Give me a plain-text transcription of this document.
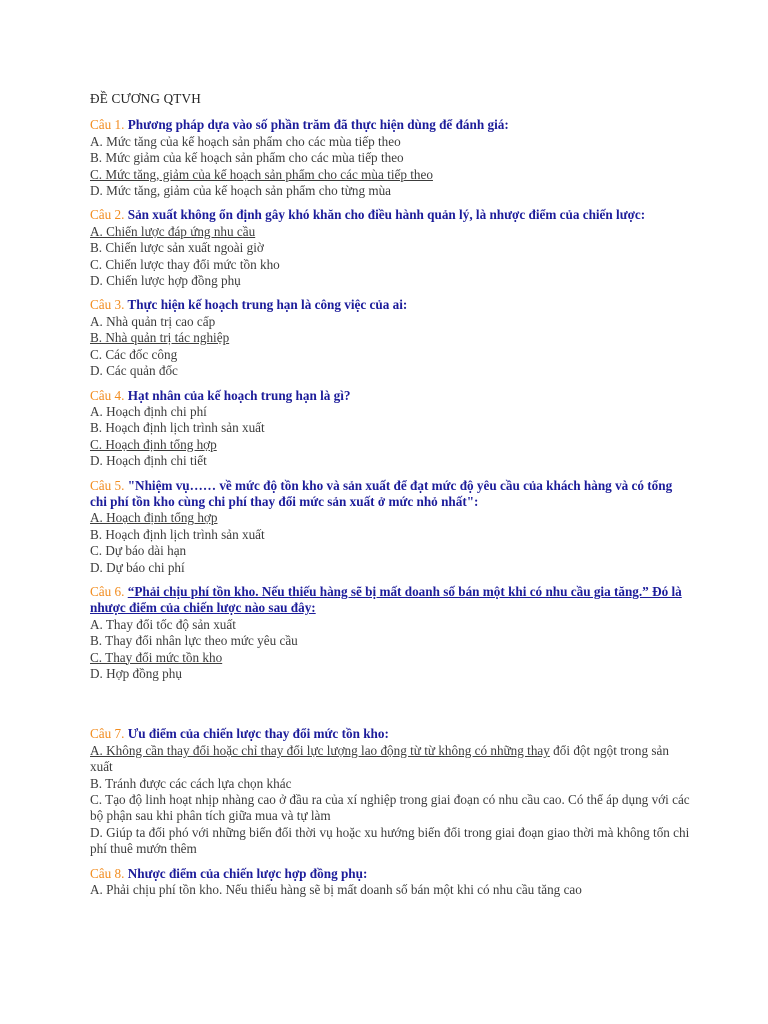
ĐỀ CƯƠNG QTVH

Câu 1. Phương pháp dựa vào số phần trăm đã thực hiện dùng để đánh giá:

A. Mức tăng của kế hoạch sản phẩm cho các mùa tiếp theo

B. Mức giảm của kế hoạch sản phẩm cho các mùa tiếp theo

C. Mức tăng, giảm của kế hoạch sản phẩm cho các mùa tiếp theo

D. Mức tăng, giảm của kế hoạch sản phẩm cho từng mùa

Câu 2. Sản xuất không ổn định gây khó khăn cho điều hành quản lý, là nhược điểm của chiến lược:

A. Chiến lược đáp ứng nhu cầu

B. Chiến lược sản xuất ngoài giờ

C. Chiến lược thay đổi mức tồn kho

D. Chiến lược hợp đồng phụ

Câu 3. Thực hiện kế hoạch trung hạn là công việc của ai:

A. Nhà quản trị cao cấp

B. Nhà quản trị tác nghiệp

C. Các đốc công

D. Các quản đốc

Câu 4. Hạt nhân của kế hoạch trung hạn là gì?

A. Hoạch định chi phí

B. Hoạch định lịch trình sản xuất

C. Hoạch định tổng hợp

D. Hoạch định chi tiết

Câu 5. "Nhiệm vụ…… về mức độ tồn kho và sản xuất để đạt mức độ yêu cầu của khách hàng và có tổng chi phí tồn kho cùng chi phí thay đổi mức sản xuất ở mức nhỏ nhất":

A. Hoạch định tổng hợp

B. Hoạch định lịch trình sản xuất

C. Dự báo dài hạn

D. Dự báo chi phí

Câu 6. “Phải chịu phí tồn kho. Nếu thiếu hàng sẽ bị mất doanh số bán một khi có nhu cầu gia tăng.” Đó là nhược điểm của chiến lược nào sau đây:

A. Thay đổi tốc độ sản xuất

B. Thay đổi nhân lực theo mức yêu cầu

C. Thay đổi mức tồn kho

D. Hợp đồng phụ

Câu 7. Ưu điểm của chiến lược thay đổi mức tồn kho:

A. Không cần thay đổi hoặc chỉ thay đổi lực lượng lao động từ từ không có những thay đổi đột ngột trong sản xuất

B. Tránh được các cách lựa chọn khác

C. Tạo độ linh hoạt nhịp nhàng cao ở đầu ra của xí nghiệp trong giai đoạn có nhu cầu cao. Có thể áp dụng với các bộ phận sau khi phân tích giữa mua và tự làm

D. Giúp ta đối phó với những biến đổi thời vụ hoặc xu hướng biến đổi trong giai đoạn giao thời mà không tốn chi phí thuê mướn thêm

Câu 8. Nhược điểm của chiến lược hợp đồng phụ:

A. Phải chịu phí tồn kho. Nếu thiếu hàng sẽ bị mất doanh số bán một khi có nhu cầu tăng cao
